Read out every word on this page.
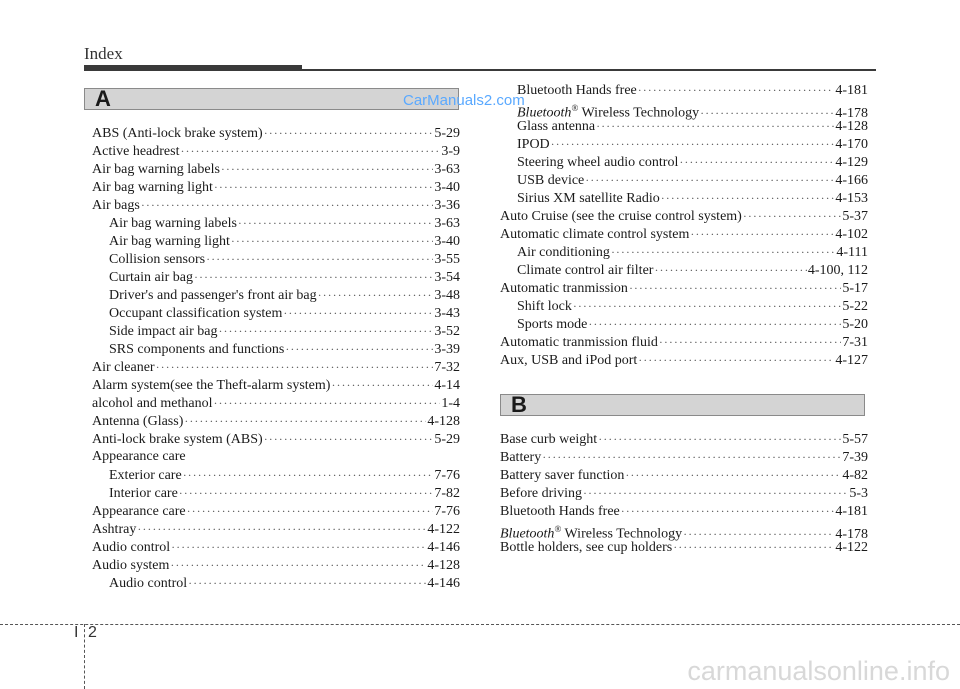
Index
A	CarManuals2.com
ABS (Anti-lock brake system) ·····	5-29
Active headrest ·····	3-9
Air bag warning labels ·····	3-63
Air bag warning light ·····	3-40
Air bags ·····	3-36
Air bag warning labels ·····	3-63
Air bag warning light ·····	3-40
Collision sensors ·····	3-55
Curtain air bag ·····	3-54
Driver's and passenger's front air bag ·····	3-48
Occupant classification system ·····	3-43
Side impact air bag ·····	3-52
SRS components and functions ·····	3-39
Air cleaner ·····	7-32
Alarm system(see the Theft-alarm system) ·····	4-14
alcohol and methanol ·····	1-4
Antenna (Glass) ·····	4-128
Anti-lock brake system (ABS) ·····	5-29
Appearance care
Exterior care ·····	7-76
Interior care ·····	7-82
Appearance care ·····	7-76
Ashtray ·····	4-122
Audio control ·····	4-146
Audio system ·····	4-128
Audio control ·····	4-146
Bluetooth Hands free ·····	4-181
Bluetooth® Wireless Technology ·····	4-178
Glass antenna ·····	4-128
IPOD ·····	4-170
Steering wheel audio control ·····	4-129
USB device ·····	4-166
Sirius XM satellite Radio ·····	4-153
Auto Cruise (see the cruise control system) ·····	5-37
Automatic climate control system ·····	4-102
Air conditioning ·····	4-111
Climate control air filter ·····	4-100, 112
Automatic tranmission ·····	5-17
Shift lock ·····	5-22
Sports mode ·····	5-20
Automatic tranmission fluid ·····	7-31
Aux, USB and iPod port ·····	4-127
B
Base curb weight ·····	5-57
Battery ·····	7-39
Battery saver function ·····	4-82
Before driving ·····	5-3
Bluetooth Hands free ·····	4-181
Bluetooth® Wireless Technology ·····	4-178
Bottle holders, see cup holders ·····	4-122
I 2
carmanualsonline.info
